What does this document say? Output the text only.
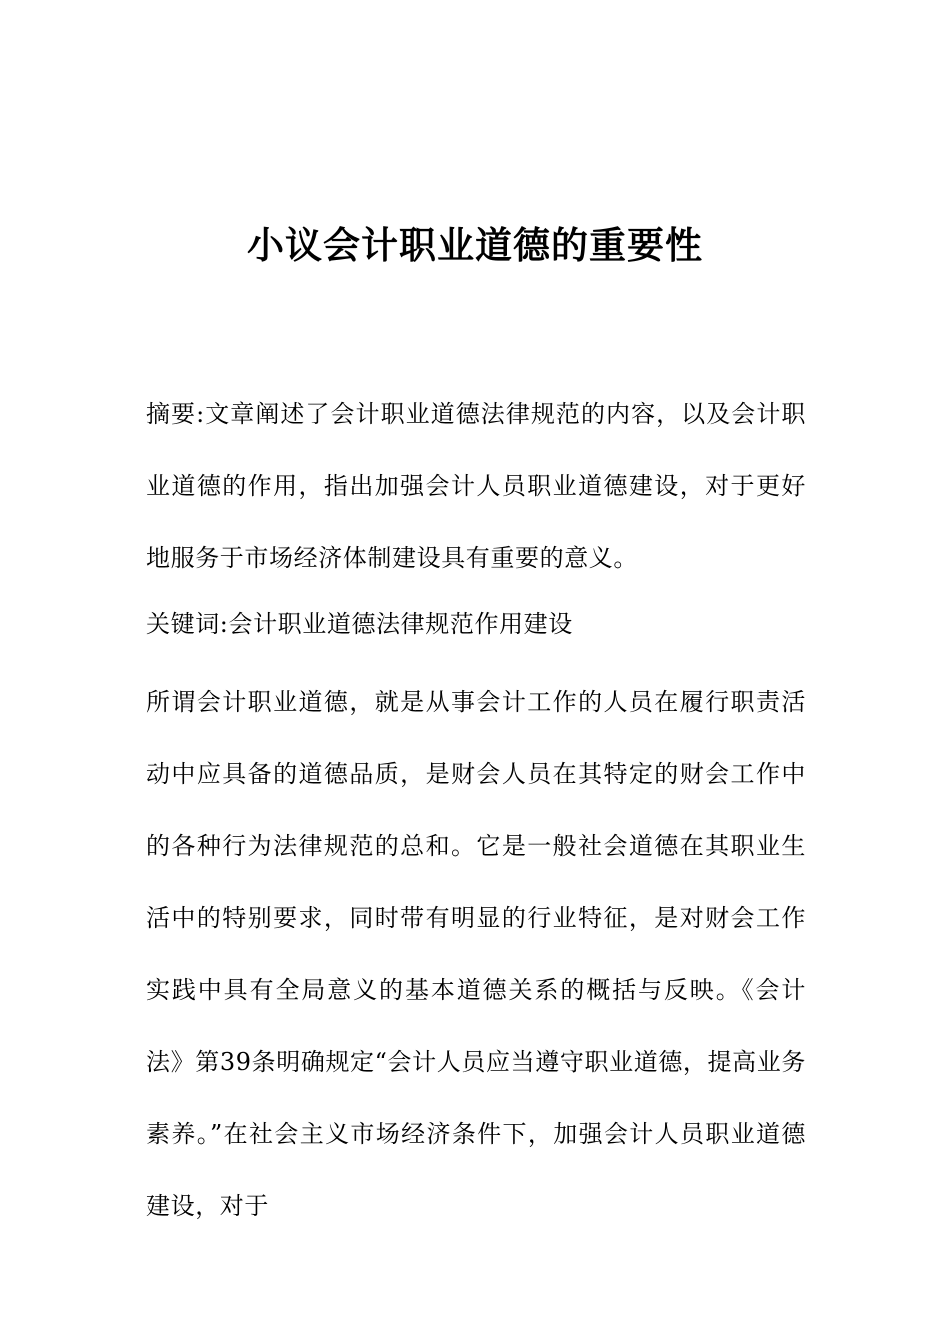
小议会计职业道德的重要性

摘要:文章阐述了会计职业道德法律规范的内容，以及会计职业道德的作用，指出加强会计人员职业道德建设，对于更好地服务于市场经济体制建设具有重要的意义。

关键词:会计职业道德法律规范作用建设

所谓会计职业道德，就是从事会计工作的人员在履行职责活动中应具备的道德品质，是财会人员在其特定的财会工作中的各种行为法律规范的总和。它是一般社会道德在其职业生活中的特别要求，同时带有明显的行业特征，是对财会工作实践中具有全局意义的基本道德关系的概括与反映。《会计法》第39条明确规定“会计人员应当遵守职业道德，提高业务素养。”在社会主义市场经济条件下，加强会计人员职业道德建设，对于
